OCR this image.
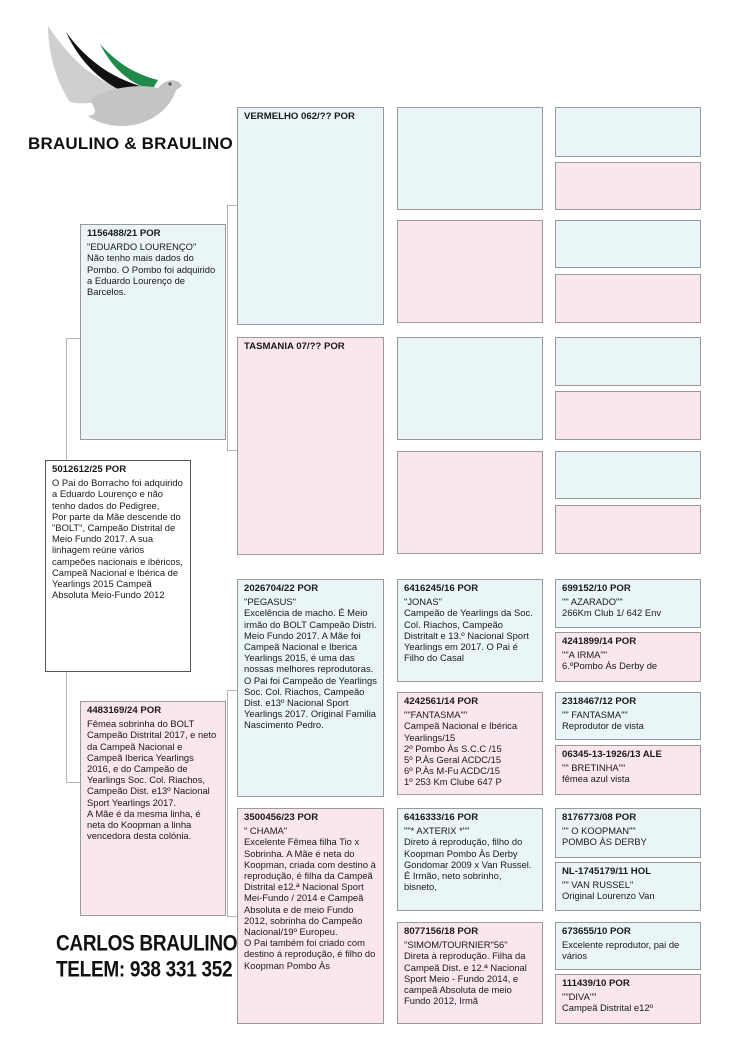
BRAULINO & BRAULINO
5012612/25 POR
O Pai do Borracho foi adquirido a Eduardo Lourenço e não tenho dados do Pedigree,
Por parte da Mãe descende do "BOLT", Campeão Distrital de Meio Fundo 2017. A sua linhagem reúne vários campeões nacionais e ibéricos, Campeã Nacional e Ibérica de Yearlings 2015 Campeã Absoluta Meio-Fundo 2012
1156488/21 POR
"EDUARDO LOURENÇO"
Não tenho mais dados do Pombo. O Pombo foi adquirido a Eduardo Lourenço de Barcelos.
4483169/24 POR
Fêmea sobrinha do BOLT Campeão Distrital 2017, e neto da Campeã Nacional e Campeã Iberica Yearlings 2016, e do Campeão de Yearlings Soc. Col. Riachos, Campeão Dist. e13º Nacional Sport Yearlings 2017.
A Mãe é da mesma linha, é neta do Koopman a linha vencedora desta colónia.
VERMELHO 062/?? POR
TASMANIA 07/?? POR
2026704/22 POR
"PEGASUS"
Excelência de macho. É Meio irmão do BOLT Campeão Distri. Meio Fundo 2017. A Mãe foi Campeã Nacional e Iberica Yearlings 2015, é uma das nossas melhores reprodutoras. O Pai foi Campeão de Yearlings Soc. Col. Riachos, Campeão Dist. e13º Nacional Sport Yearlings 2017. Original Familia Nascimento Pedro.
3500456/23 POR
" CHAMA"
Excelente Fêmea filha Tio x Sobrinha. A Mãe é neta do Koopman, criada com destino à reprodução, é filha da Campeã Distrital e12.ª Nacional Sport Mei-Fundo / 2014 e Campeã Absoluta e de meio Fundo 2012, sobrinha do Campeão Nacional/19º Europeu.
O Pai também foi criado com destino á reprodução, é filho do Koopman Pombo Às
6416245/16 POR
"JONAS"
Campeão de Yearlings da Soc. Col. Riachos, Campeão Distritalt e 13.º Nacional Sport Yearlings em 2017. O Pai é Filho do Casal
4242561/14 POR
""FANTASMA""
Campeã Nacional e Ibérica Yearlings/15
2º Pombo Às S.C.C /15
5º P.Às Geral ACDC/15
6º P.Às M-Fu ACDC/15
1º 253 Km Clube 647 P
6416333/16 POR
""* AXTERIX *""
Direto á reprodução, filho do Koopman Pombo Às Derby Gondomar 2009 x Van Russel. É Irmão, neto sobrinho, bisneto,
8077156/18 POR
"SIMOM/TOURNIER"56"
Direta à reprodução. Filha da Campeã Dist. e 12.ª Nacional Sport Meio - Fundo 2014, e campeã Absoluta de meio Fundo 2012, Irmã
699152/10 POR
"" AZARADO""
266Km Club 1/ 642 Env
4241899/14 POR
""A IRMA""
6.ºPombo Ás Derby de
2318467/12 POR
"" FANTASMA""
Reprodutor de vista
06345-13-1926/13 ALE
"" BRETINHA""
fêmea azul vista
8176773/08 POR
"" O KOOPMAN""
POMBO ÁS DERBY
NL-1745179/11 HOL
"" VAN RUSSEL"
Original Lourenzo Van
673655/10 POR
Excelente reprodutor, pai de vários
111439/10 POR
""DIVA""
Campeã Distrital e12º
CARLOS BRAULINO
TELEM: 938 331 352
